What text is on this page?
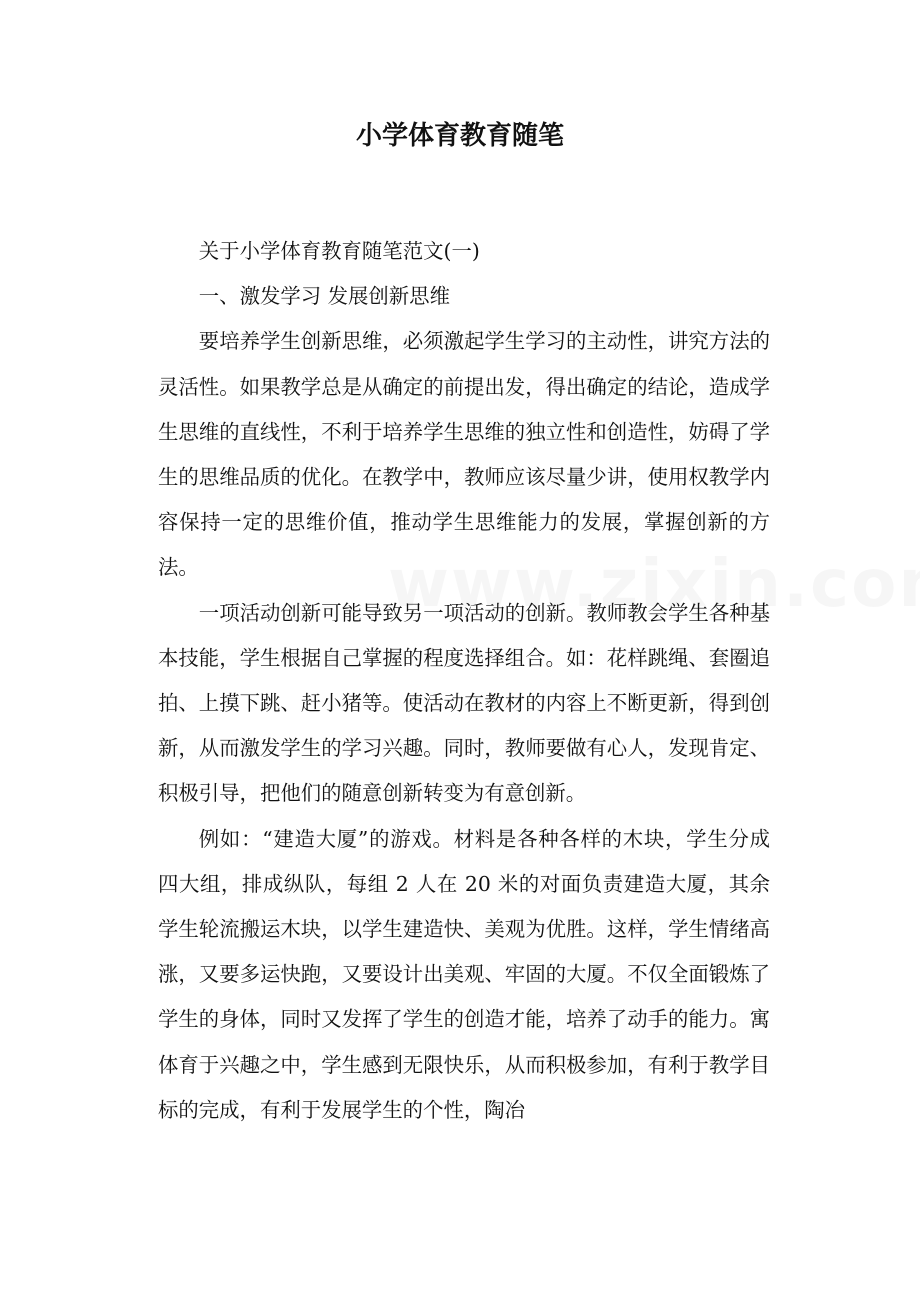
小学体育教育随笔

关于小学体育教育随笔范文(一)

一、激发学习 发展创新思维

要培养学生创新思维，必须激起学生学习的主动性，讲究方法的灵活性。如果教学总是从确定的前提出发，得出确定的结论，造成学生思维的直线性，不利于培养学生思维的独立性和创造性，妨碍了学生的思维品质的优化。在教学中，教师应该尽量少讲，使用权教学内容保持一定的思维价值，推动学生思维能力的发展，掌握创新的方法。

一项活动创新可能导致另一项活动的创新。教师教会学生各种基本技能，学生根据自己掌握的程度选择组合。如：花样跳绳、套圈追拍、上摸下跳、赶小猪等。使活动在教材的内容上不断更新，得到创新，从而激发学生的学习兴趣。同时，教师要做有心人，发现肯定、积极引导，把他们的随意创新转变为有意创新。

例如：“建造大厦”的游戏。材料是各种各样的木块，学生分成四大组，排成纵队，每组 2 人在 20 米的对面负责建造大厦，其余学生轮流搬运木块，以学生建造快、美观为优胜。这样，学生情绪高涨，又要多运快跑，又要设计出美观、牢固的大厦。不仅全面锻炼了学生的身体，同时又发挥了学生的创造才能，培养了动手的能力。寓体育于兴趣之中，学生感到无限快乐，从而积极参加，有利于教学目标的完成，有利于发展学生的个性，陶冶
